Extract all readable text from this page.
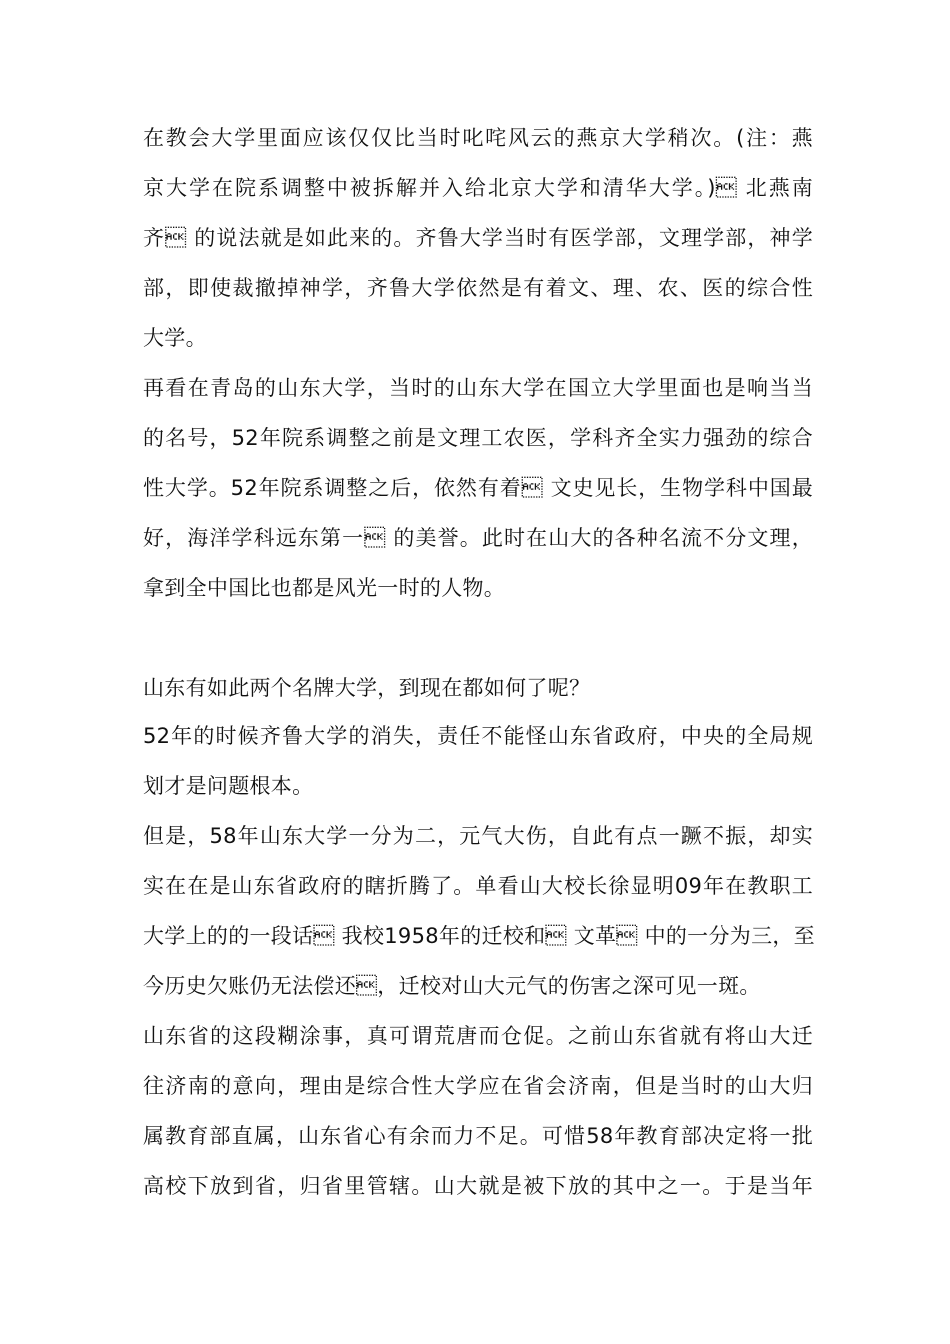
在教会大学里面应该仅仅比当时叱咤风云的燕京大学稍次。(注：燕
京大学在院系调整中被拆解并入给北京大学和清华大学。) 北燕南
齐 的说法就是如此来的。齐鲁大学当时有医学部，文理学部，神学
部，即使裁撤掉神学，齐鲁大学依然是有着文、理、农、医的综合性
大学。
再看在青岛的山东大学，当时的山东大学在国立大学里面也是响当当
的名号，52年院系调整之前是文理工农医，学科齐全实力强劲的综合
性大学。52年院系调整之后，依然有着 文史见长，生物学科中国最
好，海洋学科远东第一 的美誉。此时在山大的各种名流不分文理，
拿到全中国比也都是风光一时的人物。
山东有如此两个名牌大学，到现在都如何了呢？
52年的时候齐鲁大学的消失，责任不能怪山东省政府，中央的全局规
划才是问题根本。
但是，58年山东大学一分为二，元气大伤，自此有点一蹶不振，却实
实在在是山东省政府的瞎折腾了。单看山大校长徐显明09年在教职工
大学上的的一段话 我校1958年的迁校和 文革 中的一分为三，至
今历史欠账仍无法偿还，迁校对山大元气的伤害之深可见一斑。
山东省的这段糊涂事，真可谓荒唐而仓促。之前山东省就有将山大迁
往济南的意向，理由是综合性大学应在省会济南，但是当时的山大归
属教育部直属，山东省心有余而力不足。可惜58年教育部决定将一批
高校下放到省，归省里管辖。山大就是被下放的其中之一。于是当年
